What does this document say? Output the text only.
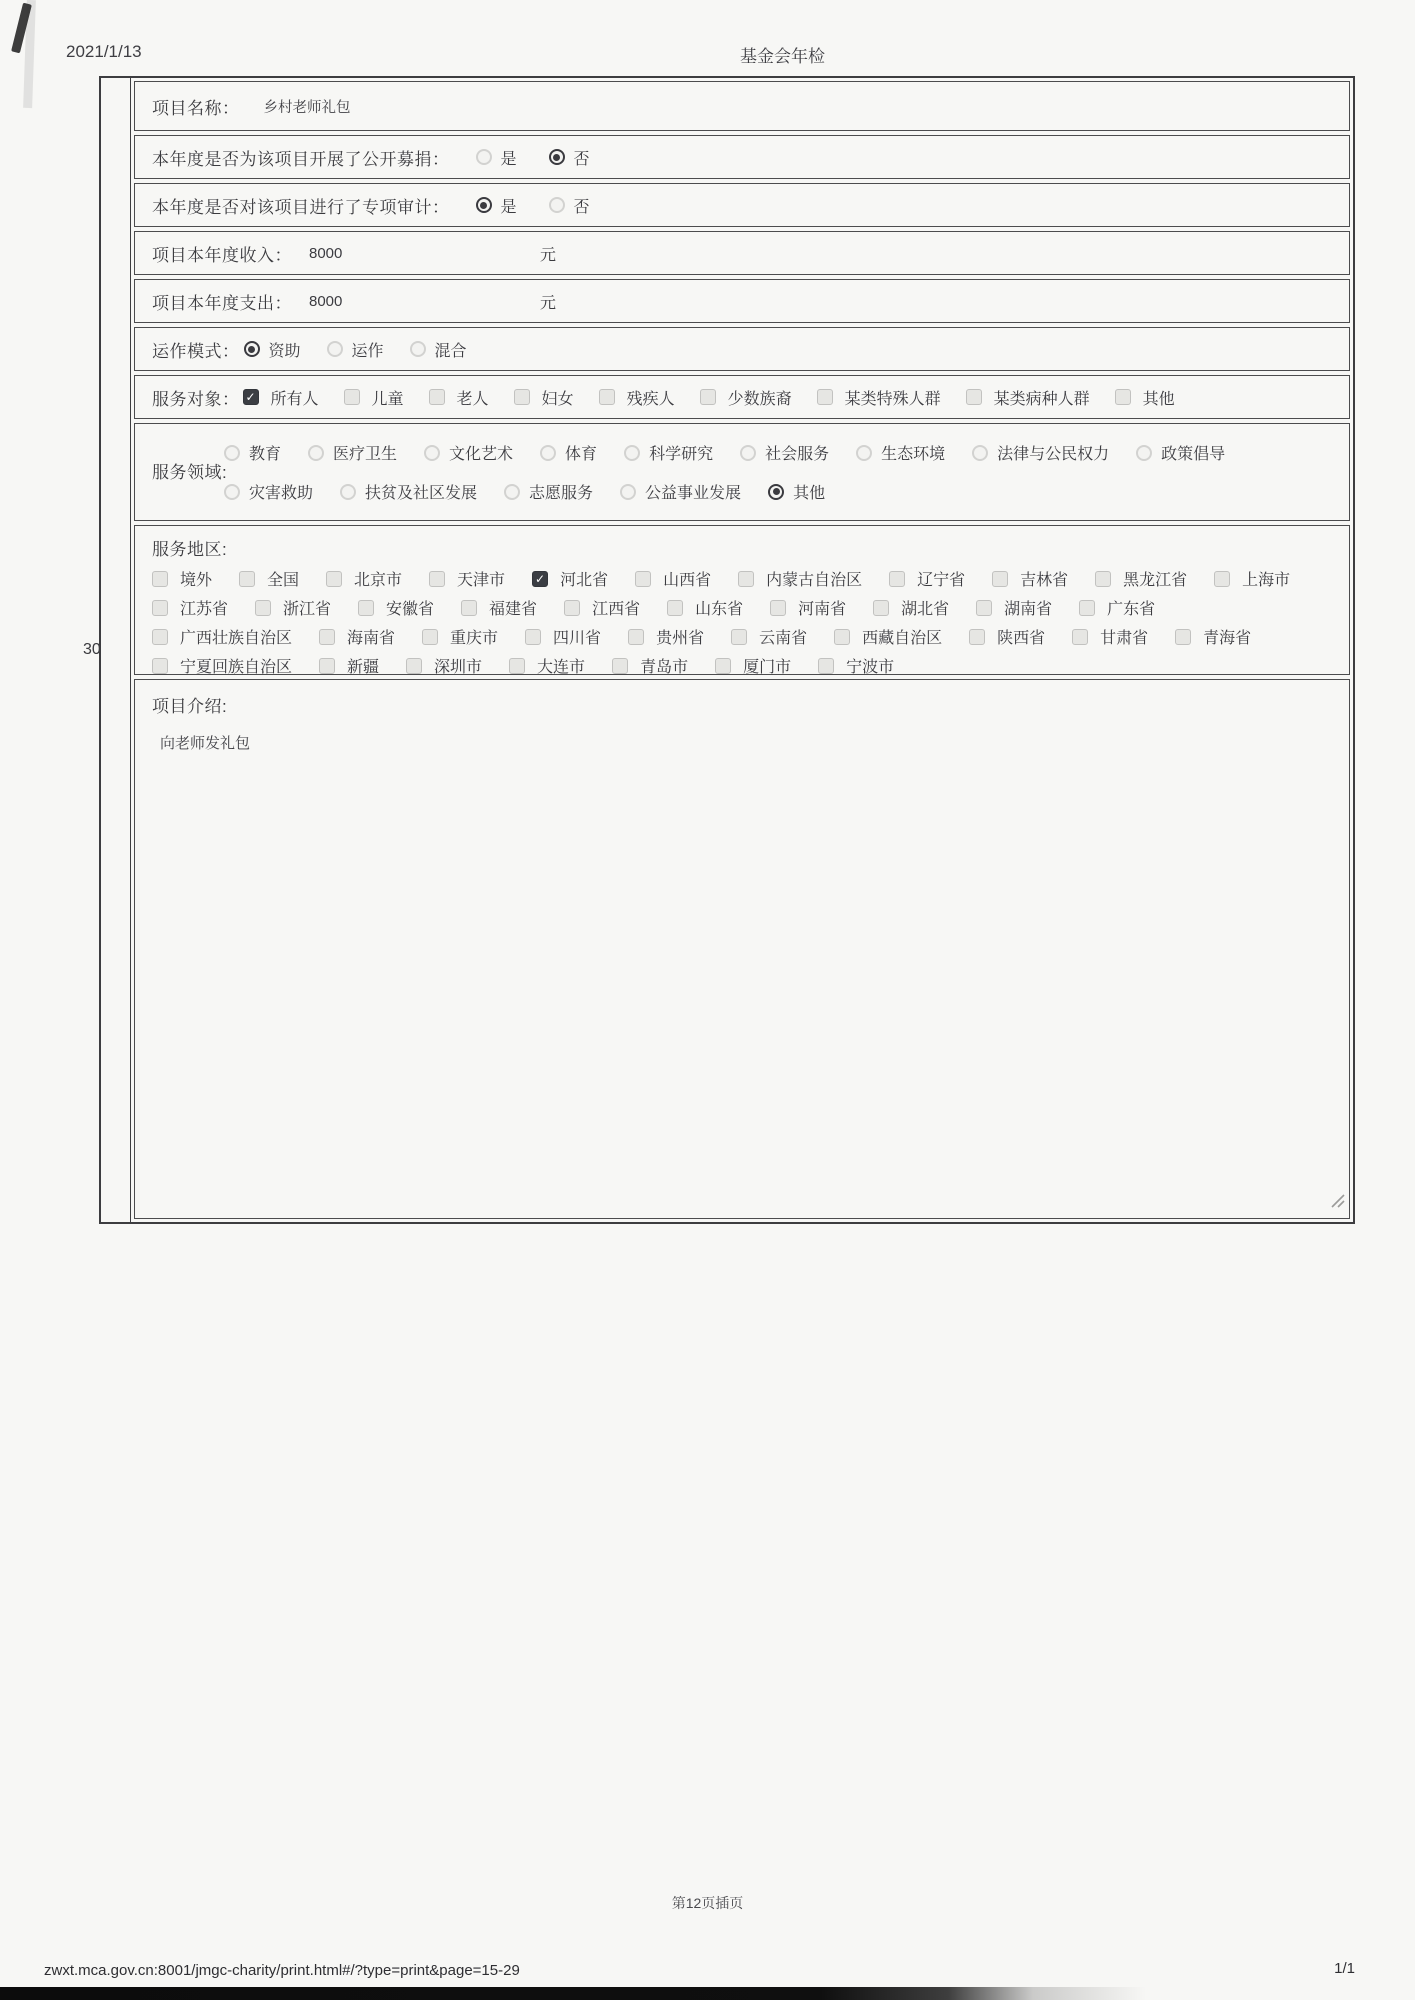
2021/1/13	基金会年检
30
项目名称： 乡村老师礼包
本年度是否为该项目开展了公开募捐：	是	否
本年度是否对该项目进行了专项审计：	是	否
项目本年度收入： 8000	元
项目本年度支出： 8000	元
运作模式： 资助	运作	混合
服务对象： ✓ 所有人	儿童	老人	妇女	残疾人	少数族裔	某类特殊人群	某类病种人群	其他
服务领域:
教育	医疗卫生	文化艺术	体育	科学研究	社会服务	生态环境	法律与公民权力	政策倡导
灾害救助	扶贫及社区发展	志愿服务	公益事业发展	其他
服务地区:
境外	全国	北京市	天津市 ✓	河北省	山西省	内蒙古自治区	辽宁省	吉林省	黑龙江省	上海市
江苏省	浙江省	安徽省	福建省	江西省	山东省	河南省	湖北省	湖南省	广东省
广西壮族自治区	海南省	重庆市	四川省	贵州省	云南省	西藏自治区	陕西省	甘肃省	青海省
宁夏回族自治区	新疆	深圳市	大连市	青岛市	厦门市	宁波市
项目介绍:
向老师发礼包
第12页插页
zwxt.mca.gov.cn:8001/jmgc-charity/print.html#/?type=print&page=15-29	1/1
